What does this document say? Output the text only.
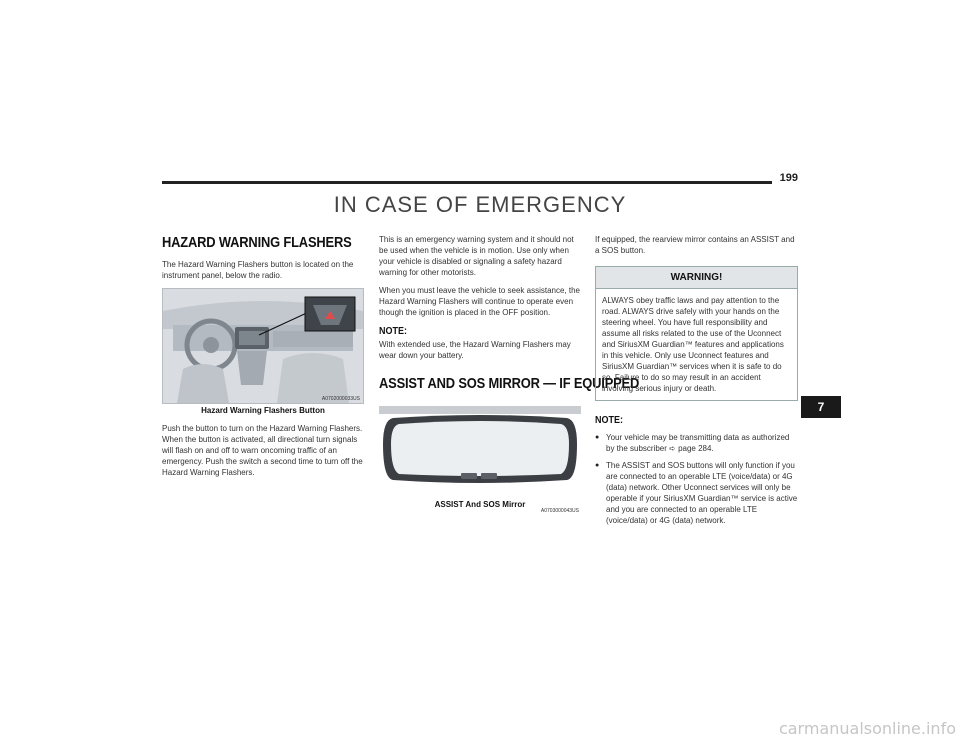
199
IN CASE OF EMERGENCY
HAZARD WARNING FLASHERS

The Hazard Warning Flashers button is located on the instrument panel, below the radio.

A0702000033US
Hazard Warning Flashers Button

Push the button to turn on the Hazard Warning Flashers. When the button is activated, all directional turn signals will flash on and off to warn oncoming traffic of an emergency. Push the switch a second time to turn off the Hazard Warning Flashers.

This is an emergency warning system and it should not be used when the vehicle is in motion. Use only when your vehicle is disabled or signaling a safety hazard warning for other motorists.

When you must leave the vehicle to seek assistance, the Hazard Warning Flashers will continue to operate even though the ignition is placed in the OFF position.

NOTE:

With extended use, the Hazard Warning Flashers may wear down your battery.

ASSIST AND SOS MIRROR — IF EQUIPPED
A0703000043US
ASSIST And SOS Mirror

If equipped, the rearview mirror contains an ASSIST and a SOS button.

WARNING!

ALWAYS obey traffic laws and pay attention to the road. ALWAYS drive safely with your hands on the steering wheel. You have full responsibility and assume all risks related to the use of the Uconnect and SiriusXM Guardian™ features and applications in this vehicle. Only use Uconnect features and SiriusXM Guardian™ services when it is safe to do so. Failure to do so may result in an accident involving serious injury or death.

NOTE:
● Your vehicle may be transmitting data as authorized by the subscriber ➪ page 284.
● The ASSIST and SOS buttons will only function if you are connected to an operable LTE (voice/data) or 4G (data) network. Other Uconnect services will only be operable if your SiriusXM Guardian™ service is active and you are connected to an operable LTE (voice/data) or 4G (data) network.
7
carmanualsonline.info
